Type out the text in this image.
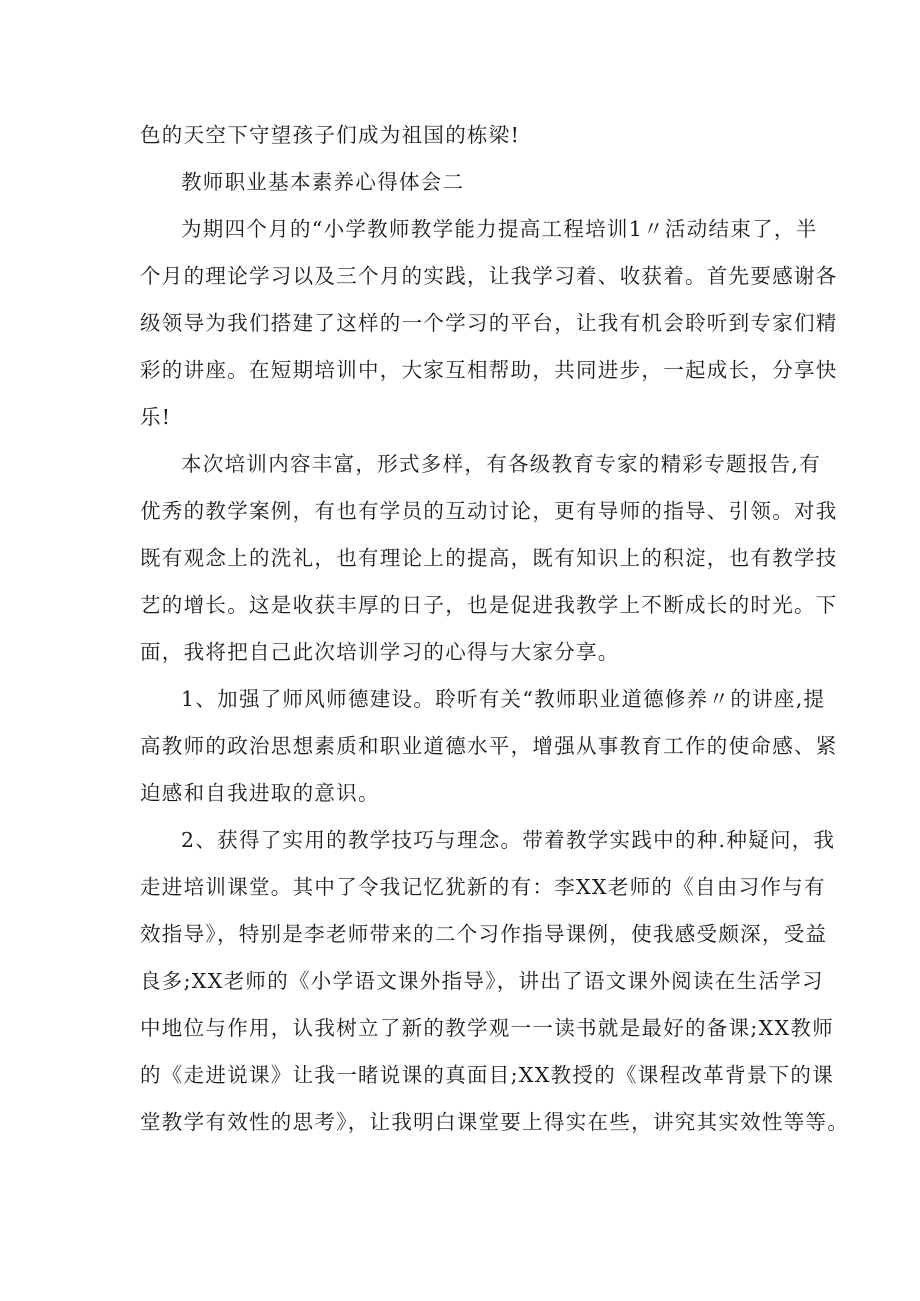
色的天空下守望孩子们成为祖国的栋梁!
教师职业基本素养心得体会二
为期四个月的“小学教师教学能力提高工程培训1〃活动结束了，半
个月的理论学习以及三个月的实践，让我学习着、收获着。首先要感谢各
级领导为我们搭建了这样的一个学习的平台，让我有机会聆听到专家们精
彩的讲座。在短期培训中，大家互相帮助，共同进步，一起成长，分享快
乐!
本次培训内容丰富，形式多样，有各级教育专家的精彩专题报告,有
优秀的教学案例，有也有学员的互动讨论，更有导师的指导、引领。对我
既有观念上的洗礼，也有理论上的提高，既有知识上的积淀，也有教学技
艺的增长。这是收获丰厚的日子，也是促进我教学上不断成长的时光。下
面，我将把自己此次培训学习的心得与大家分享。
1、加强了师风师德建设。聆听有关“教师职业道德修养〃的讲座,提
高教师的政治思想素质和职业道德水平，增强从事教育工作的使命感、紧
迫感和自我进取的意识。
2、获得了实用的教学技巧与理念。带着教学实践中的种.种疑问，我
走进培训课堂。其中了令我记忆犹新的有：李XX老师的《自由习作与有
效指导》，特别是李老师带来的二个习作指导课例，使我感受颇深，受益
良多;XX老师的《小学语文课外指导》，讲出了语文课外阅读在生活学习
中地位与作用，认我树立了新的教学观一一读书就是最好的备课;XX教师
的《走进说课》让我一睹说课的真面目;XX教授的《课程改革背景下的课
堂教学有效性的思考》，让我明白课堂要上得实在些，讲究其实效性等等。
